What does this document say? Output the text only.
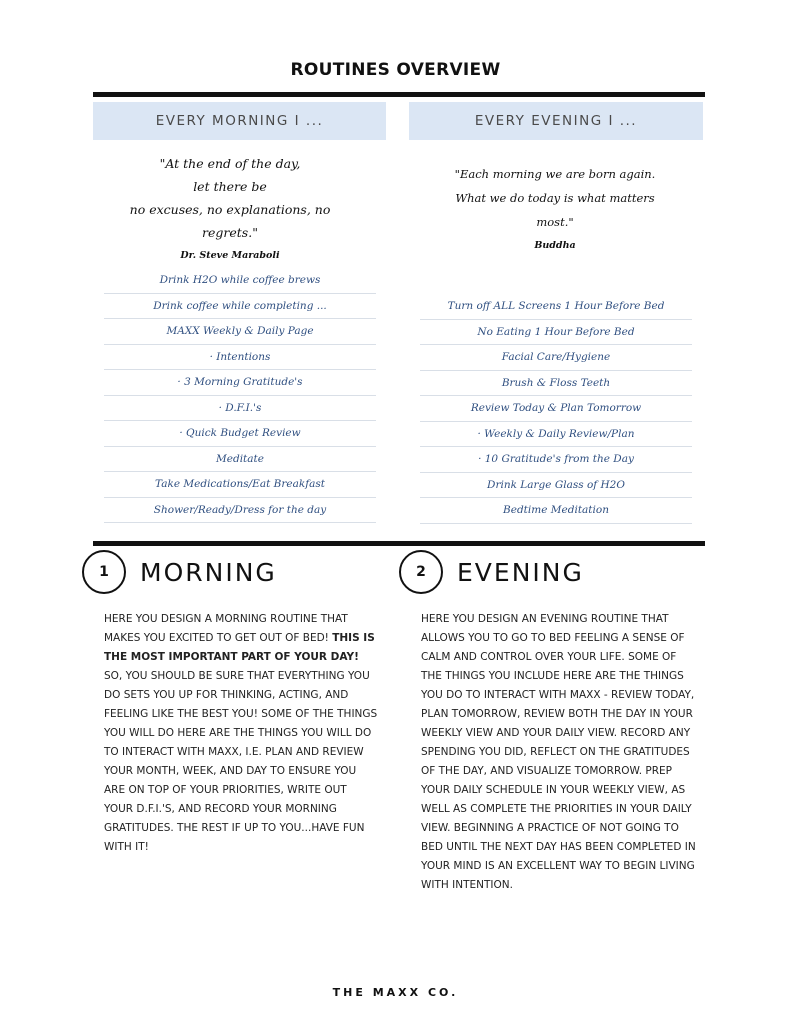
ROUTINES OVERVIEW
EVERY MORNING I ...	EVERY EVENING I ...
"At the end of the day,
let there be
no excuses, no explanations, no regrets."
Dr. Steve Maraboli
"Each morning we are born again.
What we do today is what matters most."
Buddha
Drink H2O while coffee brews
Drink coffee while completing ...
MAXX Weekly & Daily Page
· Intentions
· 3 Morning Gratitude's
· D.F.I.'s
· Quick Budget Review
Meditate
Take Medications/Eat Breakfast
Shower/Ready/Dress for the day
Turn off ALL Screens 1 Hour Before Bed
No Eating 1 Hour Before Bed
Facial Care/Hygiene
Brush & Floss Teeth
Review Today & Plan Tomorrow
· Weekly & Daily Review/Plan
· 10 Gratitude's from the Day
Drink Large Glass of H2O
Bedtime Meditation
1	MORNING	2	EVENING
HERE YOU DESIGN A MORNING ROUTINE THAT MAKES YOU EXCITED TO GET OUT OF BED! THIS IS THE MOST IMPORTANT PART OF YOUR DAY! SO, YOU SHOULD BE SURE THAT EVERYTHING YOU DO SETS YOU UP FOR THINKING, ACTING, AND FEELING LIKE THE BEST YOU! SOME OF THE THINGS YOU WILL DO HERE ARE THE THINGS YOU WILL DO TO INTERACT WITH MAXX, I.E. PLAN AND REVIEW YOUR MONTH, WEEK, AND DAY TO ENSURE YOU ARE ON TOP OF YOUR PRIORITIES, WRITE OUT YOUR D.F.I.'S, AND RECORD YOUR MORNING GRATITUDES. THE REST IF UP TO YOU...HAVE FUN WITH IT!
HERE YOU DESIGN AN EVENING ROUTINE THAT ALLOWS YOU TO GO TO BED FEELING A SENSE OF CALM AND CONTROL OVER YOUR LIFE. SOME OF THE THINGS YOU INCLUDE HERE ARE THE THINGS YOU DO TO INTERACT WITH MAXX - REVIEW TODAY, PLAN TOMORROW, REVIEW BOTH THE DAY IN YOUR WEEKLY VIEW AND YOUR DAILY VIEW. RECORD ANY SPENDING YOU DID, REFLECT ON THE GRATITUDES OF THE DAY, AND VISUALIZE TOMORROW. PREP YOUR DAILY SCHEDULE IN YOUR WEEKLY VIEW, AS WELL AS COMPLETE THE PRIORITIES IN YOUR DAILY VIEW. BEGINNING A PRACTICE OF NOT GOING TO BED UNTIL THE NEXT DAY HAS BEEN COMPLETED IN YOUR MIND IS AN EXCELLENT WAY TO BEGIN LIVING WITH INTENTION.
THE MAXX CO.
